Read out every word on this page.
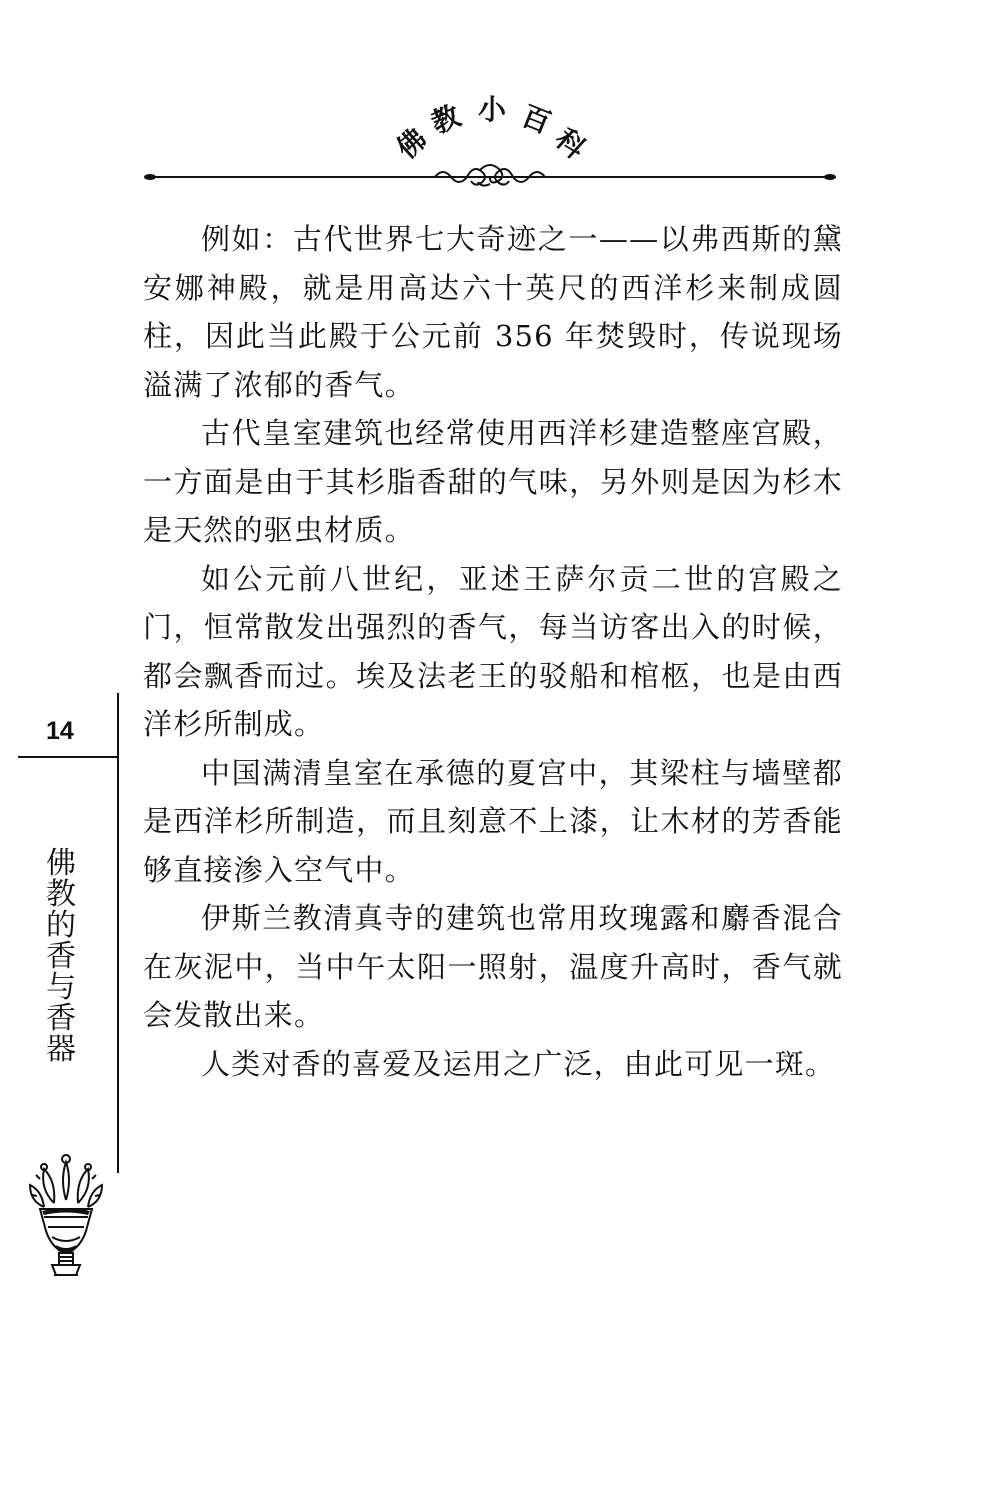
佛
教 小 百
科

例如：古代世界七大奇迹之一——以弗西斯的黛安娜神殿，就是用高达六十英尺的西洋杉来制成圆柱，因此当此殿于公元前 356 年焚毁时，传说现场溢满了浓郁的香气。

古代皇室建筑也经常使用西洋杉建造整座宫殿，一方面是由于其杉脂香甜的气味，另外则是因为杉木是天然的驱虫材质。

如公元前八世纪，亚述王萨尔贡二世的宫殿之门，恒常散发出强烈的香气，每当访客出入的时候，都会飘香而过。埃及法老王的驳船和棺柩，也是由西洋杉所制成。

中国满清皇室在承德的夏宫中，其梁柱与墙壁都是西洋杉所制造，而且刻意不上漆，让木材的芳香能够直接渗入空气中。

伊斯兰教清真寺的建筑也常用玫瑰露和麝香混合在灰泥中，当中午太阳一照射，温度升高时，香气就会发散出来。

人类对香的喜爱及运用之广泛，由此可见一斑。

14
佛
教
的
香
与
香
器
